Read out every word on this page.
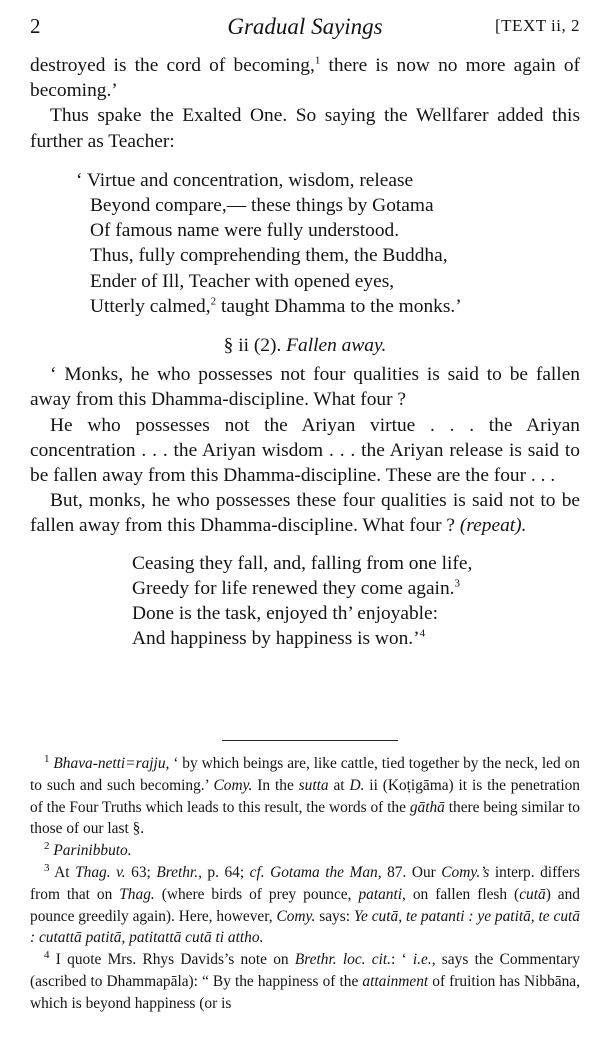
2	Gradual Sayings	[TEXT ii, 2

destroyed is the cord of becoming,$^1$ there is now no more again of becoming.’

Thus spake the Exalted One. So saying the Wellfarer added this further as Teacher:

‘ Virtue and concentration, wisdom, release
Beyond compare,— these things by Gotama
Of famous name were fully understood.
Thus, fully comprehending them, the Buddha,
Ender of Ill, Teacher with opened eyes,
Utterly calmed,$^2$ taught Dhamma to the monks.’
§ ii (2). Fallen away.

‘ Monks, he who possesses not four qualities is said to be fallen away from this Dhamma-discipline. What four ?

He who possesses not the Ariyan virtue . . . the Ariyan concentration . . . the Ariyan wisdom . . . the Ariyan release is said to be fallen away from this Dhamma-discipline. These are the four . . .

But, monks, he who possesses these four qualities is said not to be fallen away from this Dhamma-discipline. What four ? (repeat).

Ceasing they fall, and, falling from one life,
Greedy for life renewed they come again.$^3$
Done is the task, enjoyed th’ enjoyable:
And happiness by happiness is won.’$^4$

$^1$ Bhava-netti=rajju, ‘ by which beings are, like cattle, tied together by the neck, led on to such and such becoming.’ Comy. In the sutta at D. ii (Koṭigāma) it is the penetration of the Four Truths which leads to this result, the words of the gāthā there being similar to those of our last §.

$^2$ Parinibbuto.

$^3$ At Thag. v. 63; Brethr., p. 64; cf. Gotama the Man, 87. Our Comy.’s interp. differs from that on Thag. (where birds of prey pounce, patanti, on fallen flesh (cutā) and pounce greedily again). Here, however, Comy. says: Ye cutā, te patanti : ye patitā, te cutā : cutattā patitā, patitattā cutā ti attho.

$^4$ I quote Mrs. Rhys Davids’s note on Brethr. loc. cit.: ‘ i.e., says the Commentary (ascribed to Dhammapāla): “ By the happiness of the attainment of fruition has Nibbāna, which is beyond happiness (or is
